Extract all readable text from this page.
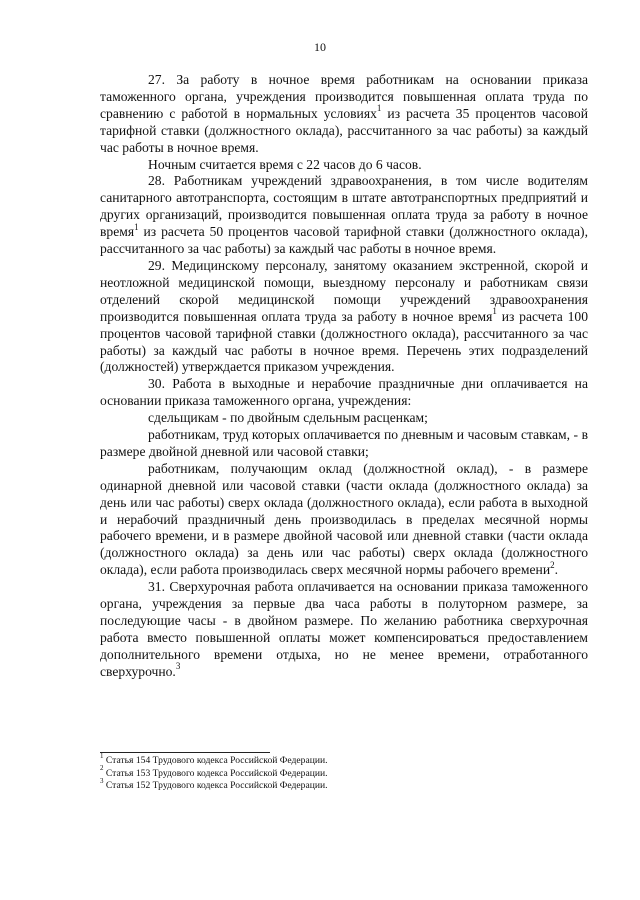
10

27. За работу в ночное время работникам на основании приказа таможенного органа, учреждения производится повышенная оплата труда по сравнению с работой в нормальных условиях$^1$ из расчета 35 процентов часовой тарифной ставки (должностного оклада), рассчитанного за час работы) за каждый час работы в ночное время.

Ночным считается время с 22 часов до 6 часов.

28. Работникам учреждений здравоохранения, в том числе водителям санитарного автотранспорта, состоящим в штате автотранспортных предприятий и других организаций, производится повышенная оплата труда за работу в ночное время$^1$ из расчета 50 процентов часовой тарифной ставки (должностного оклада), рассчитанного за час работы) за каждый час работы в ночное время.

29. Медицинскому персоналу, занятому оказанием экстренной, скорой и неотложной медицинской помощи, выездному персоналу и работникам связи отделений скорой медицинской помощи учреждений здравоохранения производится повышенная оплата труда за работу в ночное время$^1$ из расчета 100 процентов часовой тарифной ставки (должностного оклада), рассчитанного за час работы) за каждый час работы в ночное время. Перечень этих подразделений (должностей) утверждается приказом учреждения.

30. Работа в выходные и нерабочие праздничные дни оплачивается на основании приказа таможенного органа, учреждения:

сдельщикам - по двойным сдельным расценкам;

работникам, труд которых оплачивается по дневным и часовым ставкам, - в размере двойной дневной или часовой ставки;

работникам, получающим оклад (должностной оклад), - в размере одинарной дневной или часовой ставки (части оклада (должностного оклада) за день или час работы) сверх оклада (должностного оклада), если работа в выходной и нерабочий праздничный день производилась в пределах месячной нормы рабочего времени, и в размере двойной часовой или дневной ставки (части оклада (должностного оклада) за день или час работы) сверх оклада (должностного оклада), если работа производилась сверх месячной нормы рабочего времени$^2$.

31. Сверхурочная работа оплачивается на основании приказа таможенного органа, учреждения за первые два часа работы в полуторном размере, за последующие часы - в двойном размере. По желанию работника сверхурочная работа вместо повышенной оплаты может компенсироваться предоставлением дополнительного времени отдыха, но не менее времени, отработанного сверхурочно.$^3$

$^1$ Статья 154 Трудового кодекса Российской Федерации.

$^2$ Статья 153 Трудового кодекса Российской Федерации.

$^3$ Статья 152 Трудового кодекса Российской Федерации.
